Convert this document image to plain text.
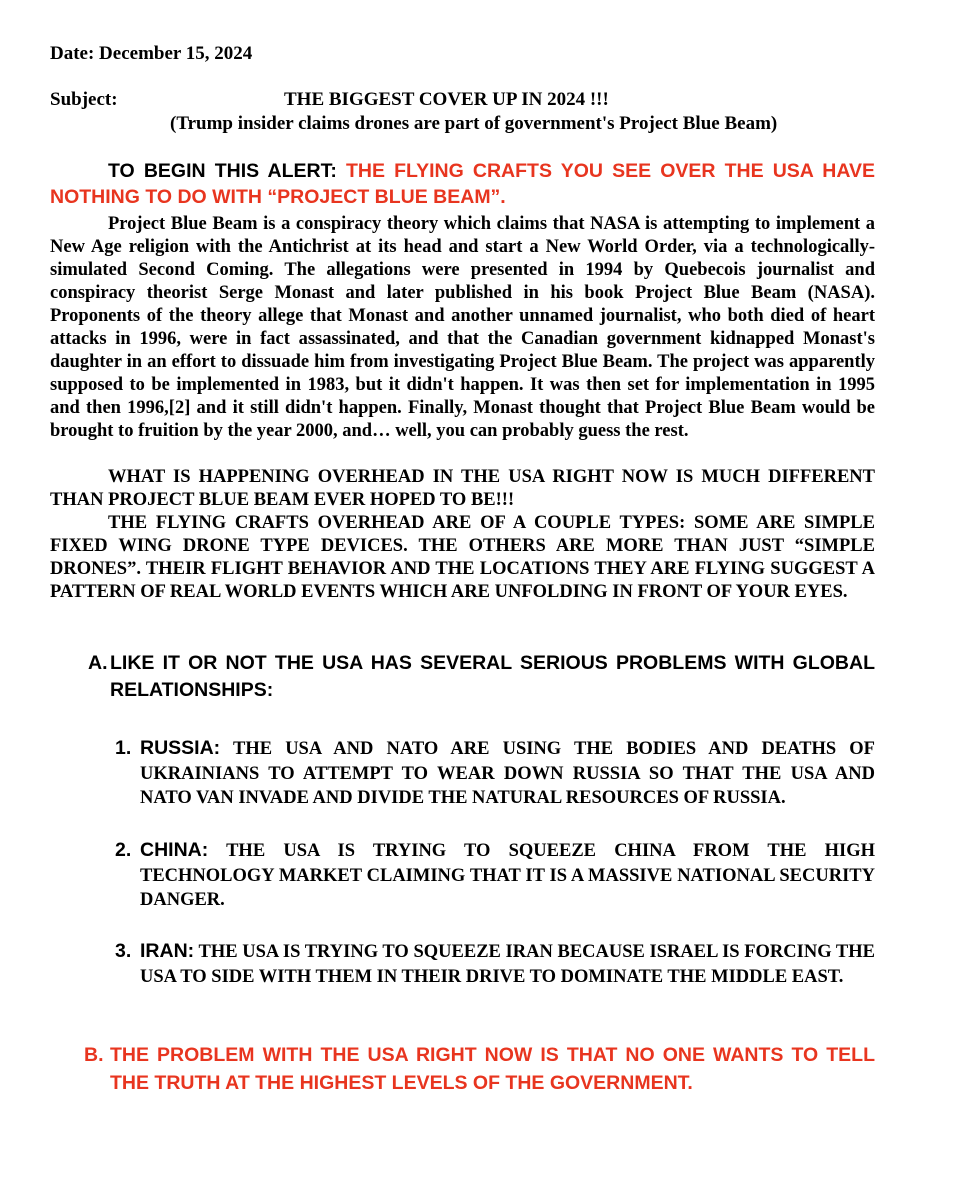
Date: December 15, 2024
Subject:	THE BIGGEST COVER UP IN 2024 !!!
(Trump insider claims drones are part of government's Project Blue Beam)
TO BEGIN THIS ALERT: THE FLYING CRAFTS YOU SEE OVER THE USA HAVE NOTHING TO DO WITH “PROJECT BLUE BEAM”.
Project Blue Beam is a conspiracy theory which claims that NASA is attempting to implement a New Age religion with the Antichrist at its head and start a New World Order, via a technologically-simulated Second Coming. The allegations were presented in 1994 by Quebecois journalist and conspiracy theorist Serge Monast and later published in his book Project Blue Beam (NASA). Proponents of the theory allege that Monast and another unnamed journalist, who both died of heart attacks in 1996, were in fact assassinated, and that the Canadian government kidnapped Monast's daughter in an effort to dissuade him from investigating Project Blue Beam. The project was apparently supposed to be implemented in 1983, but it didn't happen. It was then set for implementation in 1995 and then 1996,[2] and it still didn't happen. Finally, Monast thought that Project Blue Beam would be brought to fruition by the year 2000, and… well, you can probably guess the rest.
WHAT IS HAPPENING OVERHEAD IN THE USA RIGHT NOW IS MUCH DIFFERENT THAN PROJECT BLUE BEAM EVER HOPED TO BE!!!
THE FLYING CRAFTS OVERHEAD ARE OF A COUPLE TYPES: SOME ARE SIMPLE FIXED WING DRONE TYPE DEVICES. THE OTHERS ARE MORE THAN JUST “SIMPLE DRONES”. THEIR FLIGHT BEHAVIOR AND THE LOCATIONS THEY ARE FLYING SUGGEST A PATTERN OF REAL WORLD EVENTS WHICH ARE UNFOLDING IN FRONT OF YOUR EYES.
A. LIKE IT OR NOT THE USA HAS SEVERAL SERIOUS PROBLEMS WITH GLOBAL RELATIONSHIPS:
1. RUSSIA: THE USA AND NATO ARE USING THE BODIES AND DEATHS OF UKRAINIANS TO ATTEMPT TO WEAR DOWN RUSSIA SO THAT THE USA AND NATO VAN INVADE AND DIVIDE THE NATURAL RESOURCES OF RUSSIA.
2. CHINA: THE USA IS TRYING TO SQUEEZE CHINA FROM THE HIGH TECHNOLOGY MARKET CLAIMING THAT IT IS A MASSIVE NATIONAL SECURITY DANGER.
3. IRAN: THE USA IS TRYING TO SQUEEZE IRAN BECAUSE ISRAEL IS FORCING THE USA TO SIDE WITH THEM IN THEIR DRIVE TO DOMINATE THE MIDDLE EAST.
B. THE PROBLEM WITH THE USA RIGHT NOW IS THAT NO ONE WANTS TO TELL THE TRUTH AT THE HIGHEST LEVELS OF THE GOVERNMENT.
